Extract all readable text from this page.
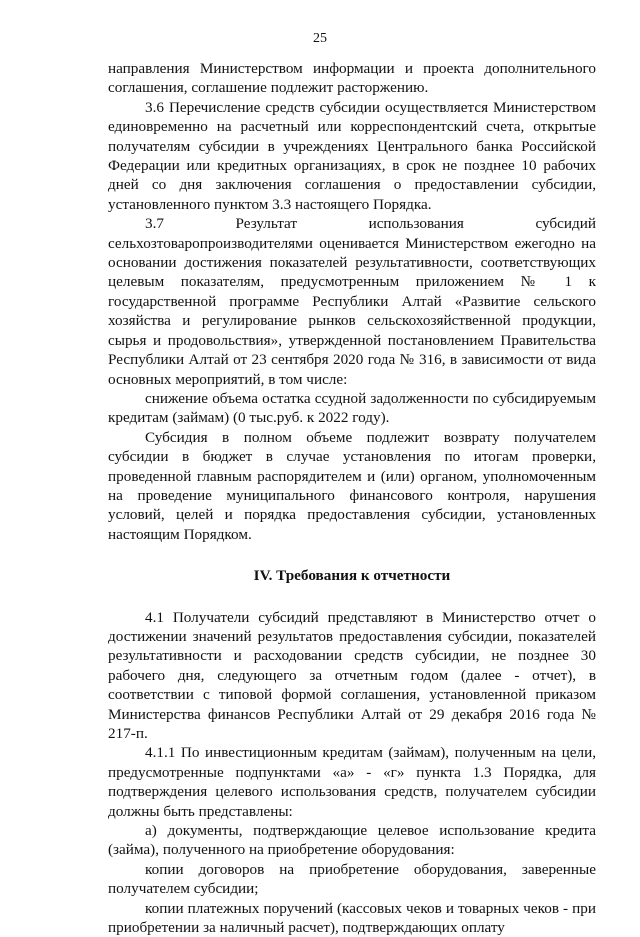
25

направления Министерством информации и проекта дополнительного соглашения, соглашение подлежит расторжению.

3.6 Перечисление средств субсидии осуществляется Министерством единовременно на расчетный или корреспондентский счета, открытые получателям субсидии в учреждениях Центрального банка Российской Федерации или кредитных организациях, в срок не позднее 10 рабочих дней со дня заключения соглашения о предоставлении субсидии, установленного пунктом 3.3 настоящего Порядка.

3.7	Результат	использования	субсидий

сельхозтоваропроизводителями оценивается Министерством ежегодно на основании достижения показателей результативности, соответствующих целевым показателям, предусмотренным приложением № 1 к государственной программе Республики Алтай «Развитие сельского хозяйства и регулирование рынков сельскохозяйственной продукции, сырья и продовольствия», утвержденной постановлением Правительства Республики Алтай от 23 сентября 2020 года № 316, в зависимости от вида основных мероприятий, в том числе:

снижение объема остатка ссудной задолженности по субсидируемым кредитам (займам) (0 тыс.руб. к 2022 году).

Субсидия в полном объеме подлежит возврату получателем субсидии в бюджет в случае установления по итогам проверки, проведенной главным распорядителем и (или) органом, уполномоченным на проведение муниципального финансового контроля, нарушения условий, целей и порядка предоставления субсидии, установленных настоящим Порядком.

IV. Требования к отчетности

4.1 Получатели субсидий представляют в Министерство отчет о достижении значений результатов предоставления субсидии, показателей результативности и расходовании средств субсидии, не позднее 30 рабочего дня, следующего за отчетным годом (далее - отчет), в соответствии с типовой формой соглашения, установленной приказом Министерства финансов Республики Алтай от 29 декабря 2016 года № 217-п.

4.1.1 По инвестиционным кредитам (займам), полученным на цели, предусмотренные подпунктами «а» - «г» пункта 1.3 Порядка, для подтверждения целевого использования средств, получателем субсидии должны быть представлены:

а) документы, подтверждающие целевое использование кредита (займа), полученного на приобретение оборудования:

копии договоров на приобретение оборудования, заверенные получателем субсидии;

копии платежных поручений (кассовых чеков и товарных чеков - при приобретении за наличный расчет), подтверждающих оплату
